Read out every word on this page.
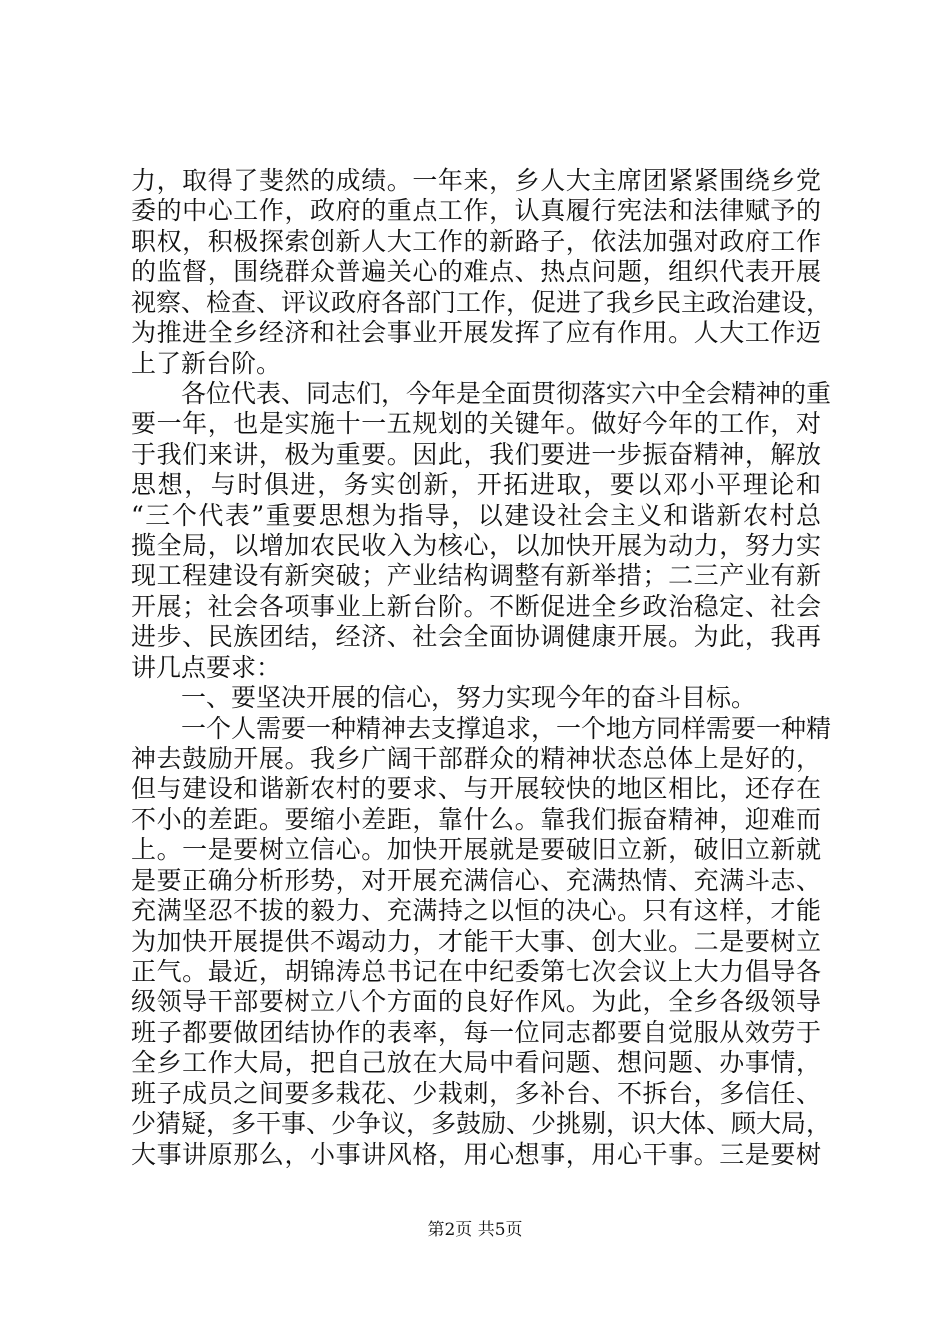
力，取得了斐然的成绩。一年来，乡人大主席团紧紧围绕乡党
委的中心工作，政府的重点工作，认真履行宪法和法律赋予的
职权，积极探索创新人大工作的新路子，依法加强对政府工作
的监督，围绕群众普遍关心的难点、热点问题，组织代表开展
视察、检查、评议政府各部门工作，促进了我乡民主政治建设，
为推进全乡经济和社会事业开展发挥了应有作用。人大工作迈
上了新台阶。
各位代表、同志们，今年是全面贯彻落实六中全会精神的重
要一年，也是实施十一五规划的关键年。做好今年的工作，对
于我们来讲，极为重要。因此，我们要进一步振奋精神，解放
思想，与时俱进，务实创新，开拓进取，要以邓小平理论和
“三个代表”重要思想为指导，以建设社会主义和谐新农村总
揽全局，以增加农民收入为核心，以加快开展为动力，努力实
现工程建设有新突破；产业结构调整有新举措；二三产业有新
开展；社会各项事业上新台阶。不断促进全乡政治稳定、社会
进步、民族团结，经济、社会全面协调健康开展。为此，我再
讲几点要求：
一、要坚决开展的信心，努力实现今年的奋斗目标。
一个人需要一种精神去支撑追求，一个地方同样需要一种精
神去鼓励开展。我乡广阔干部群众的精神状态总体上是好的，
但与建设和谐新农村的要求、与开展较快的地区相比，还存在
不小的差距。要缩小差距，靠什么。靠我们振奋精神，迎难而
上。一是要树立信心。加快开展就是要破旧立新，破旧立新就
是要正确分析形势，对开展充满信心、充满热情、充满斗志、
充满坚忍不拔的毅力、充满持之以恒的决心。只有这样，才能
为加快开展提供不竭动力，才能干大事、创大业。二是要树立
正气。最近，胡锦涛总书记在中纪委第七次会议上大力倡导各
级领导干部要树立八个方面的良好作风。为此，全乡各级领导
班子都要做团结协作的表率，每一位同志都要自觉服从效劳于
全乡工作大局，把自己放在大局中看问题、想问题、办事情，
班子成员之间要多栽花、少栽刺，多补台、不拆台，多信任、
少猜疑，多干事、少争议，多鼓励、少挑剔，识大体、顾大局，
大事讲原那么，小事讲风格，用心想事，用心干事。三是要树
第2页 共5页
